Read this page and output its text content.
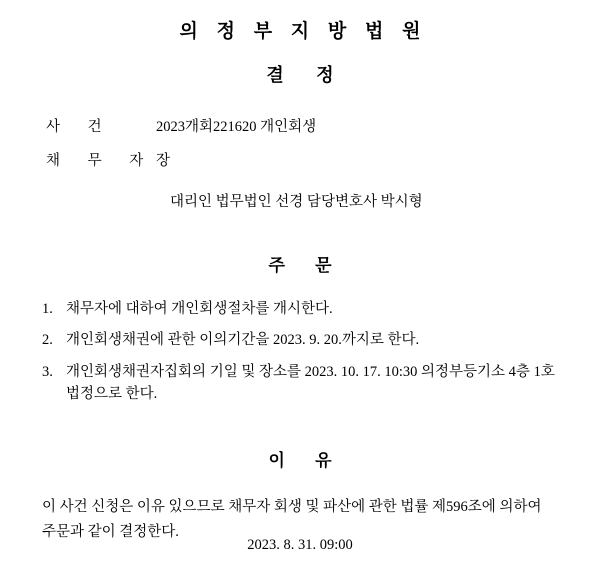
의 정 부 지 방 법 원
결 정
사 건	2023개회221620 개인회생
채 무 자 장
대리인 법무법인 선경 담당변호사 박시형
주 문
1. 채무자에 대하여 개인회생절차를 개시한다.
2. 개인회생채권에 관한 이의기간을 2023. 9. 20.까지로 한다.
3. 개인회생채권자집회의 기일 및 장소를 2023. 10. 17. 10:30 의정부등기소 4층 1호 법정으로 한다.
이 유
이 사건 신청은 이유 있으므로 채무자 회생 및 파산에 관한 법률 제596조에 의하여
주문과 같이 결정한다.
2023. 8. 31. 09:00
